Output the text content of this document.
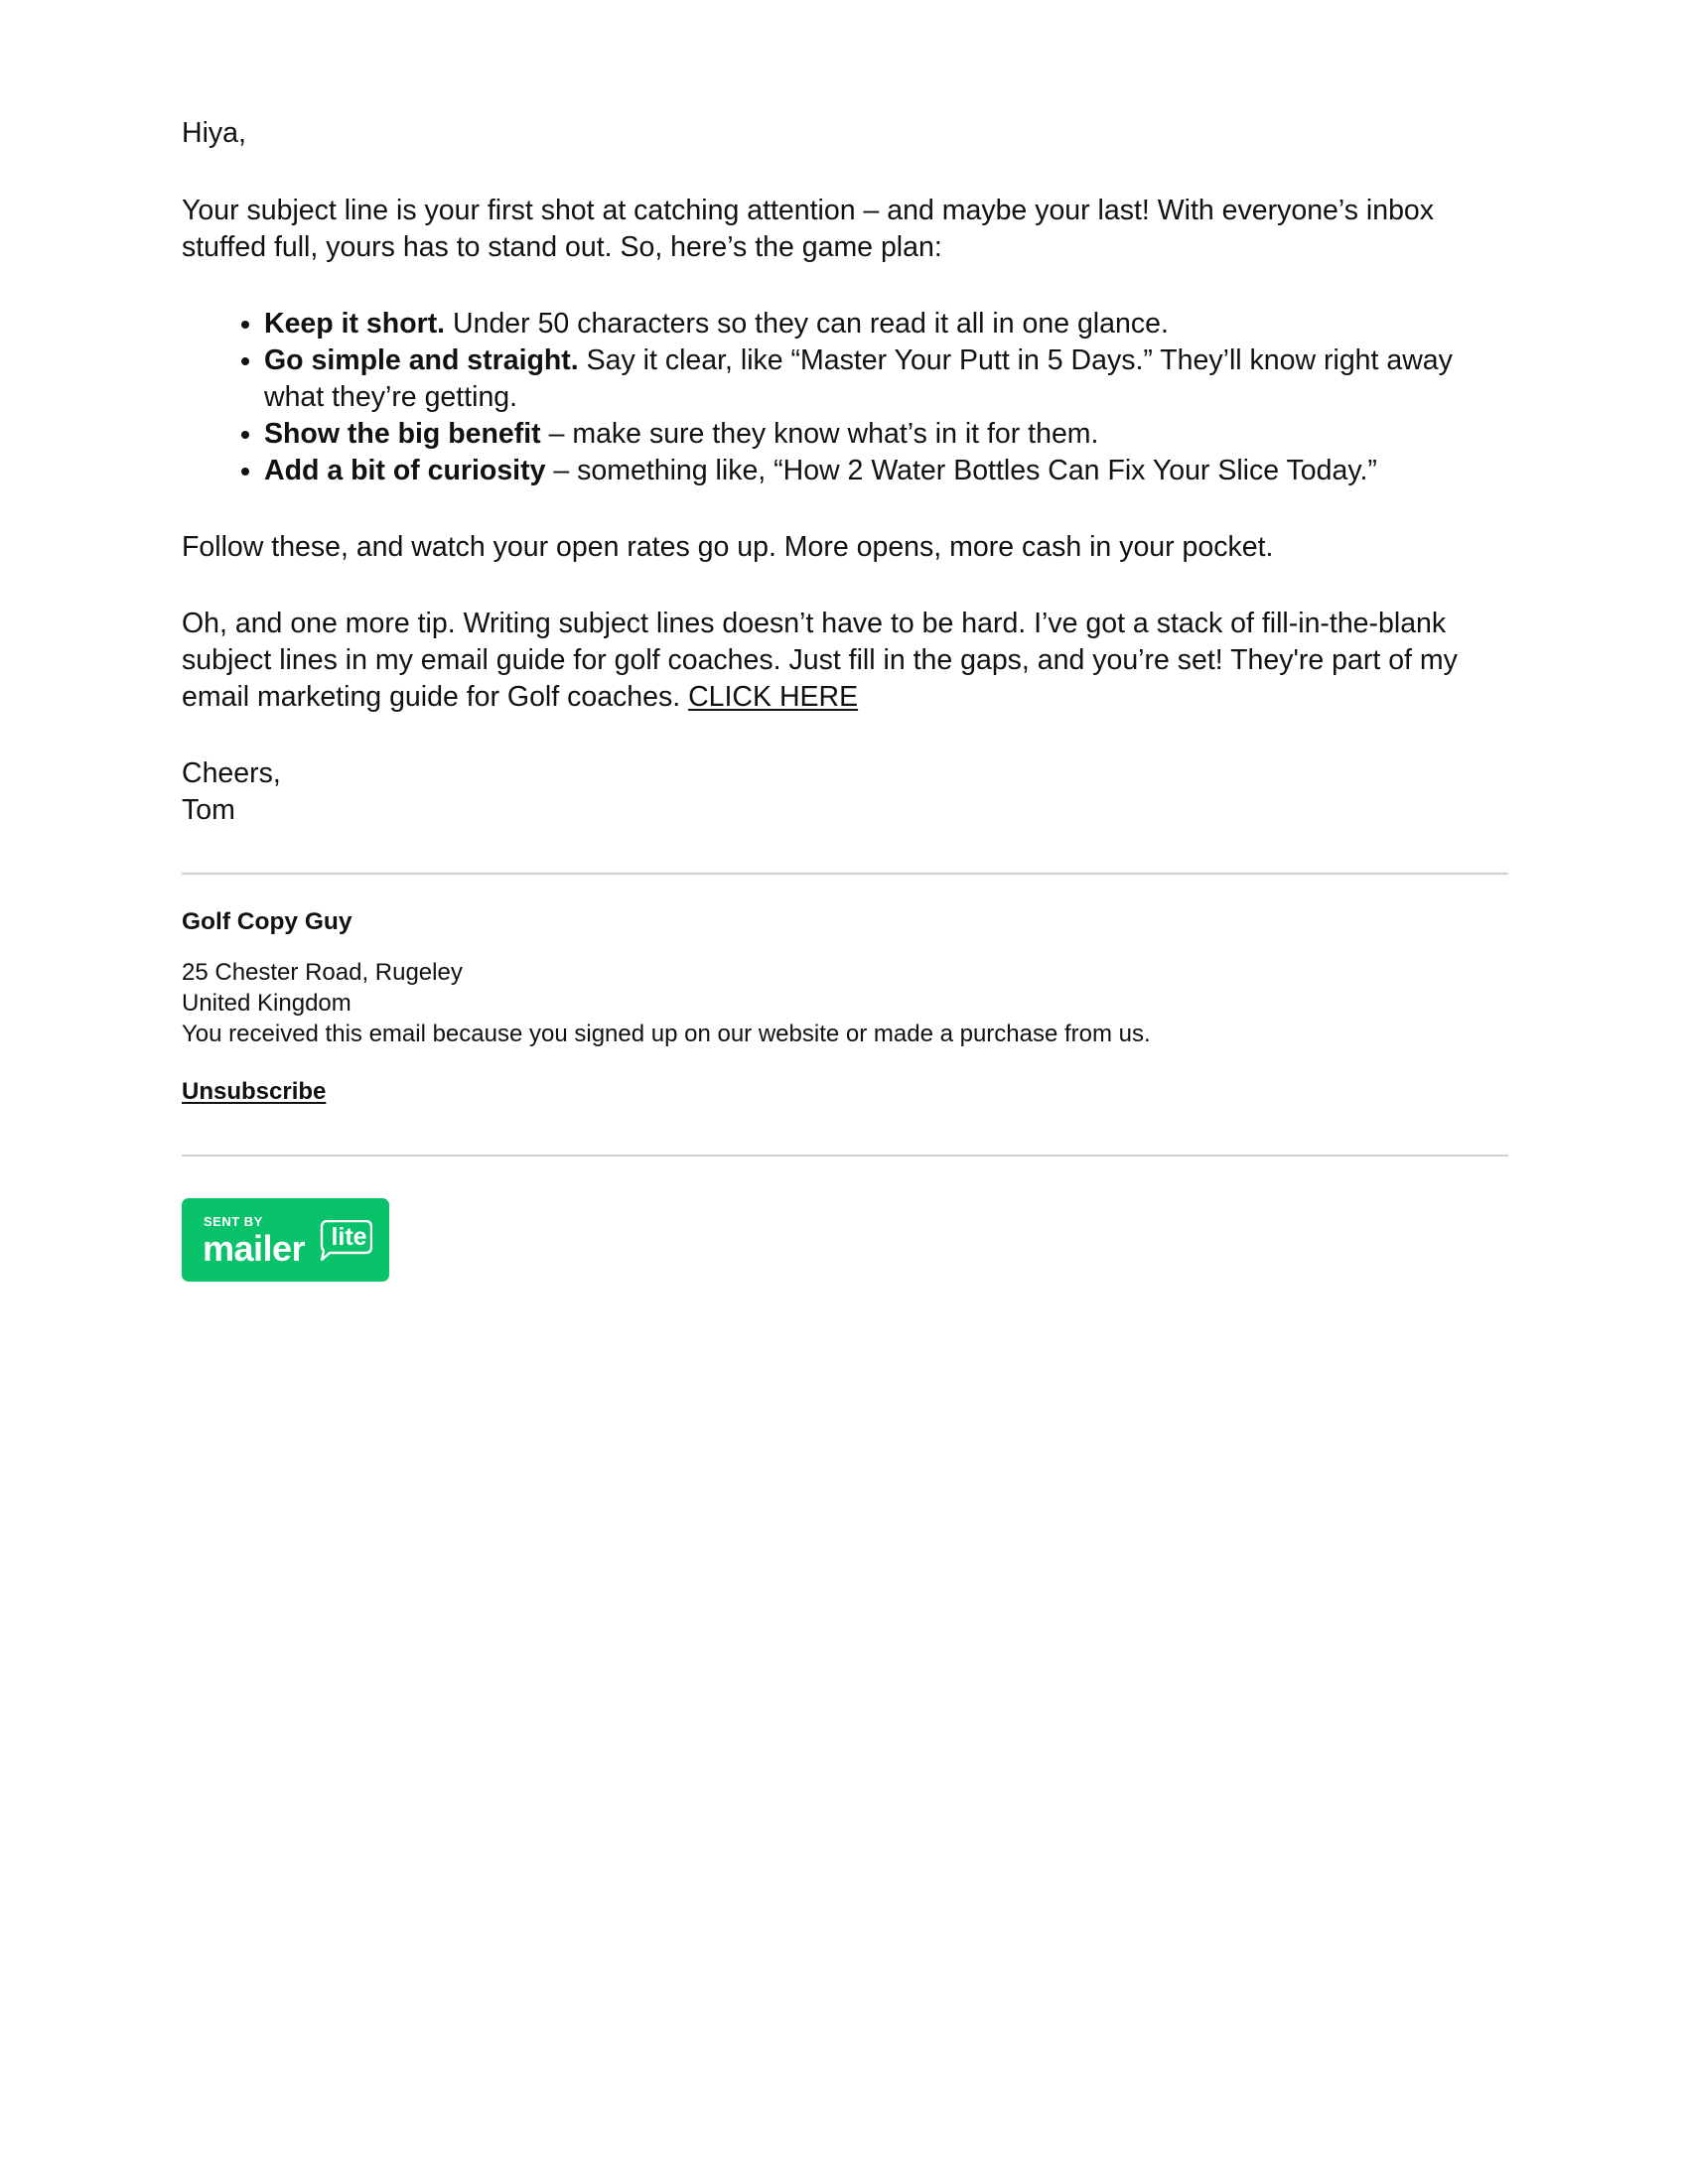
Hiya,

Your subject line is your first shot at catching attention – and maybe your last! With everyone’s inbox stuffed full, yours has to stand out. So, here’s the game plan:

• Keep it short. Under 50 characters so they can read it all in one glance.
• Go simple and straight. Say it clear, like “Master Your Putt in 5 Days.” They’ll know right away what they’re getting.
• Show the big benefit – make sure they know what’s in it for them.
• Add a bit of curiosity – something like, “How 2 Water Bottles Can Fix Your Slice Today.”

Follow these, and watch your open rates go up. More opens, more cash in your pocket.

Oh, and one more tip. Writing subject lines doesn’t have to be hard. I’ve got a stack of fill-in-the-blank subject lines in my email guide for golf coaches. Just fill in the gaps, and you’re set! They're part of my email marketing guide for Golf coaches. CLICK HERE

Cheers,

Tom

Golf Copy Guy

25 Chester Road, Rugeley

United Kingdom

You received this email because you signed up on our website or made a purchase from us.

Unsubscribe
SENT BY
mailer lite
